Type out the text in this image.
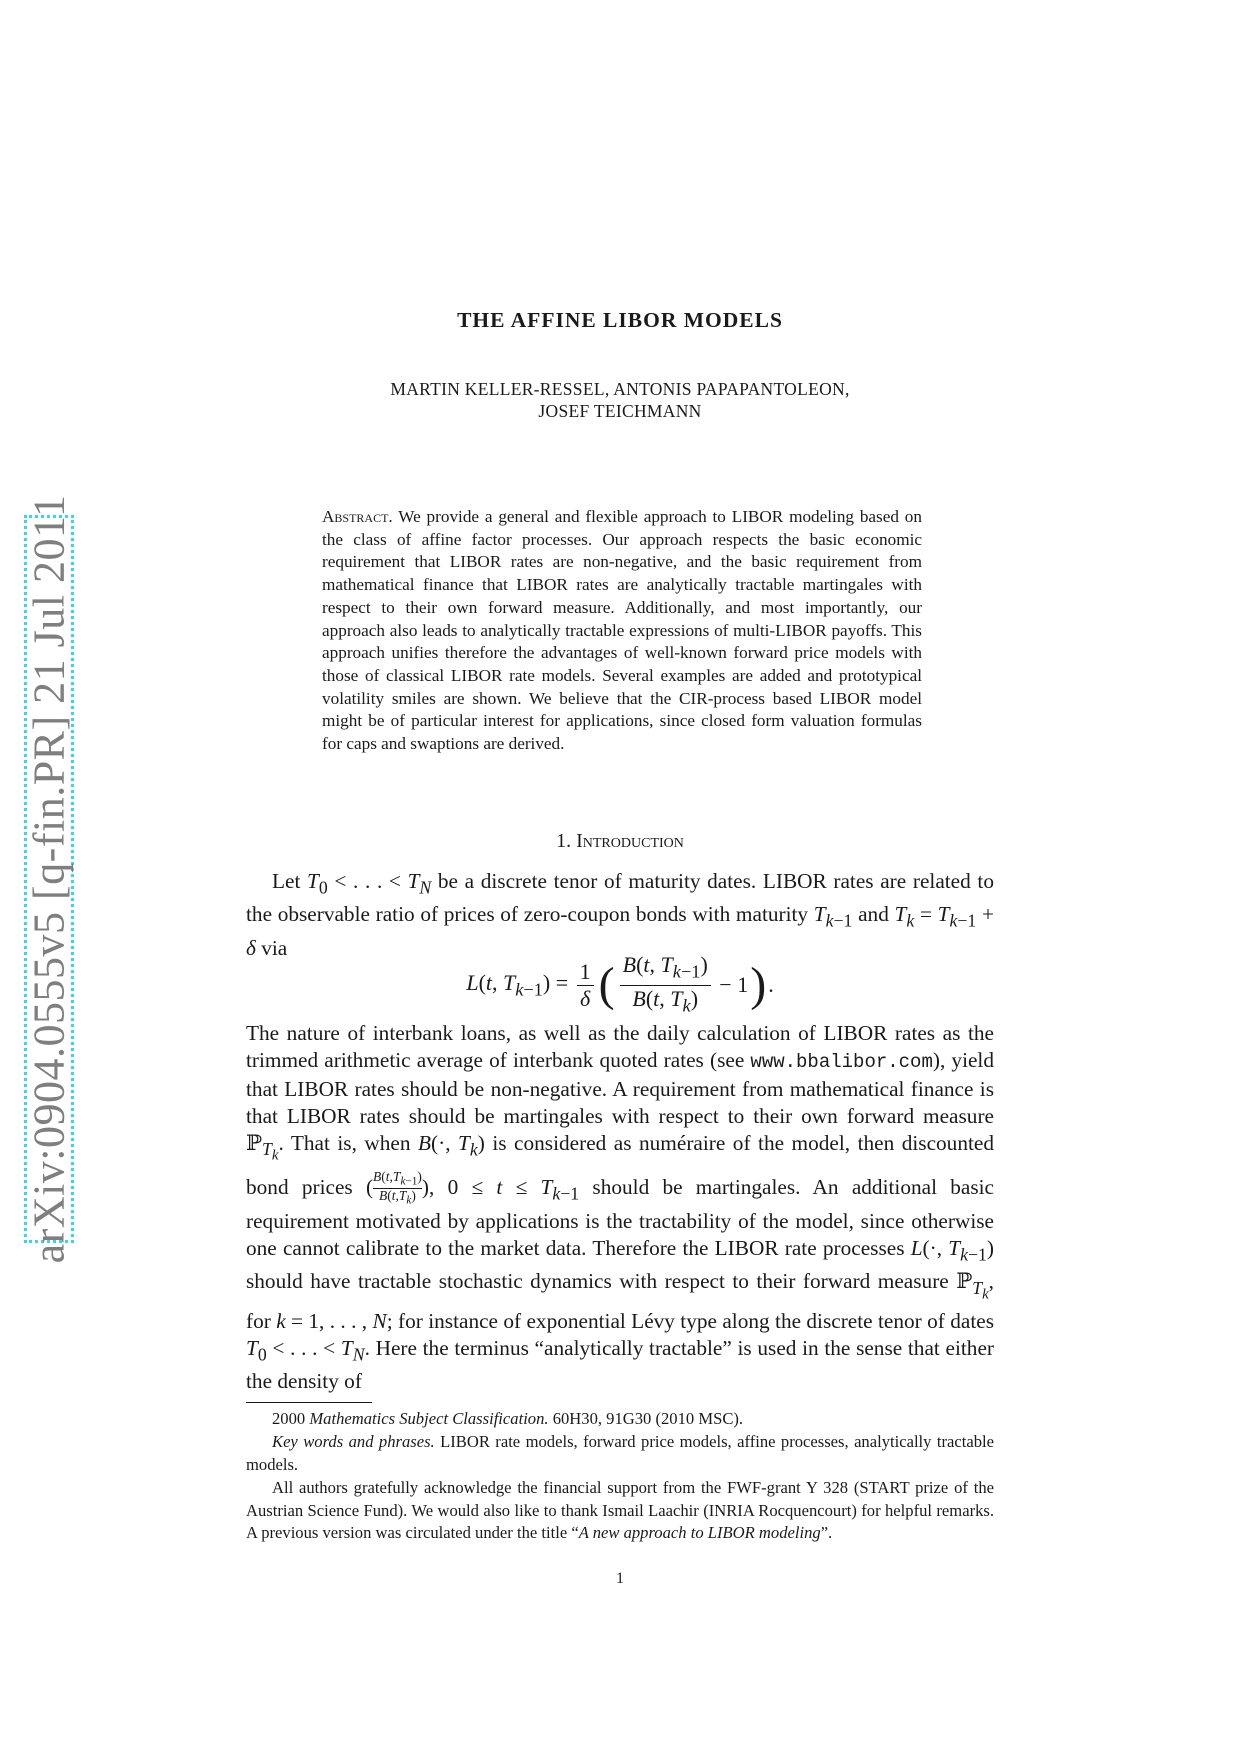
arXiv:0904.0555v5 [q-fin.PR] 21 Jul 2011
THE AFFINE LIBOR MODELS
MARTIN KELLER-RESSEL, ANTONIS PAPAPANTOLEON,
JOSEF TEICHMANN
Abstract. We provide a general and flexible approach to LIBOR modeling based on the class of affine factor processes. Our approach respects the basic economic requirement that LIBOR rates are non-negative, and the basic requirement from mathematical finance that LIBOR rates are analytically tractable martingales with respect to their own forward measure. Additionally, and most importantly, our approach also leads to analytically tractable expressions of multi-LIBOR payoffs. This approach unifies therefore the advantages of well-known forward price models with those of classical LIBOR rate models. Several examples are added and prototypical volatility smiles are shown. We believe that the CIR-process based LIBOR model might be of particular interest for applications, since closed form valuation formulas for caps and swaptions are derived.
1. Introduction
Let $T_0$ < . . . < $T_N$ be a discrete tenor of maturity dates. LIBOR rates are related to the observable ratio of prices of zero-coupon bonds with maturity $T_{k-1}$ and $T_k = T_{k-1} + \delta$ via
L(t, $T_{k-1}) = \frac{1}{\delta}$ ( $\frac{B(t, T_{k-1})}{B(t, T_k)} - 1$ ) .
The nature of interbank loans, as well as the daily calculation of LIBOR rates as the trimmed arithmetic average of interbank quoted rates (see www.bbalibor.com), yield that LIBOR rates should be non-negative. A requirement from mathematical finance is that LIBOR rates should be martingales with respect to their own forward measure ℙ$_{T_k}$. That is, when B(·, $T_k$) is considered as numéraire of the model, then discounted bond prices ( $\frac{B(t,T_{k-1})}{B(t,T_k)}$ ), $0 \le t \le T_{k-1}$ should be martingales. An additional basic requirement motivated by applications is the tractability of the model, since otherwise one cannot calibrate to the market data. Therefore the LIBOR rate processes L(·, $T_{k-1}$) should have tractable stochastic dynamics with respect to their forward measure ℙ$_{T_k}$, for k = 1, . . . , N; for instance of exponential Lévy type along the discrete tenor of dates $T_0$ < . . . < $T_N$. Here the terminus “analytically tractable” is used in the sense that either the density of
2000 Mathematics Subject Classification. 60H30, 91G30 (2010 MSC).
Key words and phrases. LIBOR rate models, forward price models, affine processes, analytically tractable models.
All authors gratefully acknowledge the financial support from the FWF-grant Y 328 (START prize of the Austrian Science Fund). We would also like to thank Ismail Laachir (INRIA Rocquencourt) for helpful remarks. A previous version was circulated under the title “A new approach to LIBOR modeling”.
1
